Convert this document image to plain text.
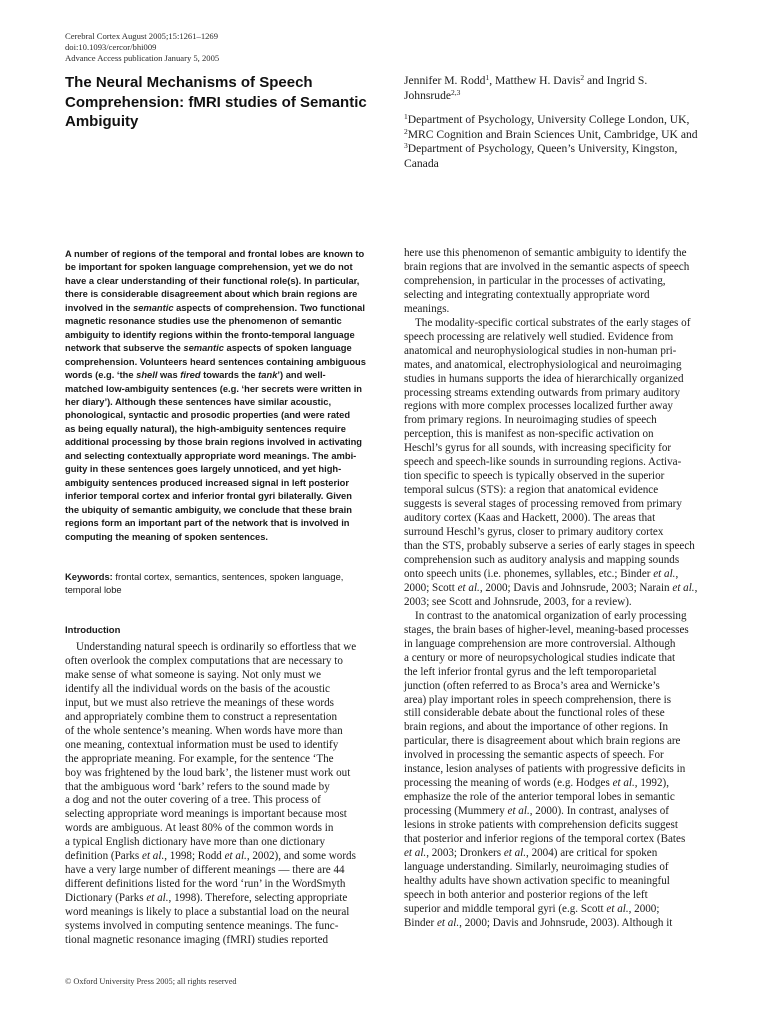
Cerebral Cortex August 2005;15:1261–1269
doi:10.1093/cercor/bhi009
Advance Access publication January 5, 2005
The Neural Mechanisms of Speech
Comprehension: fMRI studies of Semantic
Ambiguity
Jennifer M. Rodd$^1$, Matthew H. Davis$^2$ and Ingrid S.
Johnsrude$^{2,3}$
$^1$Department of Psychology, University College London, UK,
$^2$MRC Cognition and Brain Sciences Unit, Cambridge, UK and
$^3$Department of Psychology, Queen’s University, Kingston,
Canada
A number of regions of the temporal and frontal lobes are known to
be important for spoken language comprehension, yet we do not
have a clear understanding of their functional role(s). In particular,
there is considerable disagreement about which brain regions are
involved in the semantic aspects of comprehension. Two functional
magnetic resonance studies use the phenomenon of semantic
ambiguity to identify regions within the fronto-temporal language
network that subserve the semantic aspects of spoken language
comprehension. Volunteers heard sentences containing ambiguous
words (e.g. ‘the shell was fired towards the tank’) and well-
matched low-ambiguity sentences (e.g. ‘her secrets were written in
her diary’). Although these sentences have similar acoustic,
phonological, syntactic and prosodic properties (and were rated
as being equally natural), the high-ambiguity sentences require
additional processing by those brain regions involved in activating
and selecting contextually appropriate word meanings. The ambi-
guity in these sentences goes largely unnoticed, and yet high-
ambiguity sentences produced increased signal in left posterior
inferior temporal cortex and inferior frontal gyri bilaterally. Given
the ubiquity of semantic ambiguity, we conclude that these brain
regions form an important part of the network that is involved in
computing the meaning of spoken sentences.
Keywords: frontal cortex, semantics, sentences, spoken language,
temporal lobe
Introduction
Understanding natural speech is ordinarily so effortless that we
often overlook the complex computations that are necessary to
make sense of what someone is saying. Not only must we
identify all the individual words on the basis of the acoustic
input, but we must also retrieve the meanings of these words
and appropriately combine them to construct a representation
of the whole sentence’s meaning. When words have more than
one meaning, contextual information must be used to identify
the appropriate meaning. For example, for the sentence ‘The
boy was frightened by the loud bark’, the listener must work out
that the ambiguous word ‘bark’ refers to the sound made by
a dog and not the outer covering of a tree. This process of
selecting appropriate word meanings is important because most
words are ambiguous. At least 80% of the common words in
a typical English dictionary have more than one dictionary
definition (Parks et al., 1998; Rodd et al., 2002), and some words
have a very large number of different meanings — there are 44
different definitions listed for the word ‘run’ in the WordSmyth
Dictionary (Parks et al., 1998). Therefore, selecting appropriate
word meanings is likely to place a substantial load on the neural
systems involved in computing sentence meanings. The func-
tional magnetic resonance imaging (fMRI) studies reported
here use this phenomenon of semantic ambiguity to identify the
brain regions that are involved in the semantic aspects of speech
comprehension, in particular in the processes of activating,
selecting and integrating contextually appropriate word
meanings.
The modality-specific cortical substrates of the early stages of
speech processing are relatively well studied. Evidence from
anatomical and neurophysiological studies in non-human pri-
mates, and anatomical, electrophysiological and neuroimaging
studies in humans supports the idea of hierarchically organized
processing streams extending outwards from primary auditory
regions with more complex processes localized further away
from primary regions. In neuroimaging studies of speech
perception, this is manifest as non-specific activation on
Heschl’s gyrus for all sounds, with increasing specificity for
speech and speech-like sounds in surrounding regions. Activa-
tion specific to speech is typically observed in the superior
temporal sulcus (STS): a region that anatomical evidence
suggests is several stages of processing removed from primary
auditory cortex (Kaas and Hackett, 2000). The areas that
surround Heschl’s gyrus, closer to primary auditory cortex
than the STS, probably subserve a series of early stages in speech
comprehension such as auditory analysis and mapping sounds
onto speech units (i.e. phonemes, syllables, etc.; Binder et al.,
2000; Scott et al., 2000; Davis and Johnsrude, 2003; Narain et al.,
2003; see Scott and Johnsrude, 2003, for a review).
In contrast to the anatomical organization of early processing
stages, the brain bases of higher-level, meaning-based processes
in language comprehension are more controversial. Although
a century or more of neuropsychological studies indicate that
the left inferior frontal gyrus and the left temporoparietal
junction (often referred to as Broca’s area and Wernicke’s
area) play important roles in speech comprehension, there is
still considerable debate about the functional roles of these
brain regions, and about the importance of other regions. In
particular, there is disagreement about which brain regions are
involved in processing the semantic aspects of speech. For
instance, lesion analyses of patients with progressive deficits in
processing the meaning of words (e.g. Hodges et al., 1992),
emphasize the role of the anterior temporal lobes in semantic
processing (Mummery et al., 2000). In contrast, analyses of
lesions in stroke patients with comprehension deficits suggest
that posterior and inferior regions of the temporal cortex (Bates
et al., 2003; Dronkers et al., 2004) are critical for spoken
language understanding. Similarly, neuroimaging studies of
healthy adults have shown activation specific to meaningful
speech in both anterior and posterior regions of the left
superior and middle temporal gyri (e.g. Scott et al., 2000;
Binder et al., 2000; Davis and Johnsrude, 2003). Although it
© Oxford University Press 2005; all rights reserved
